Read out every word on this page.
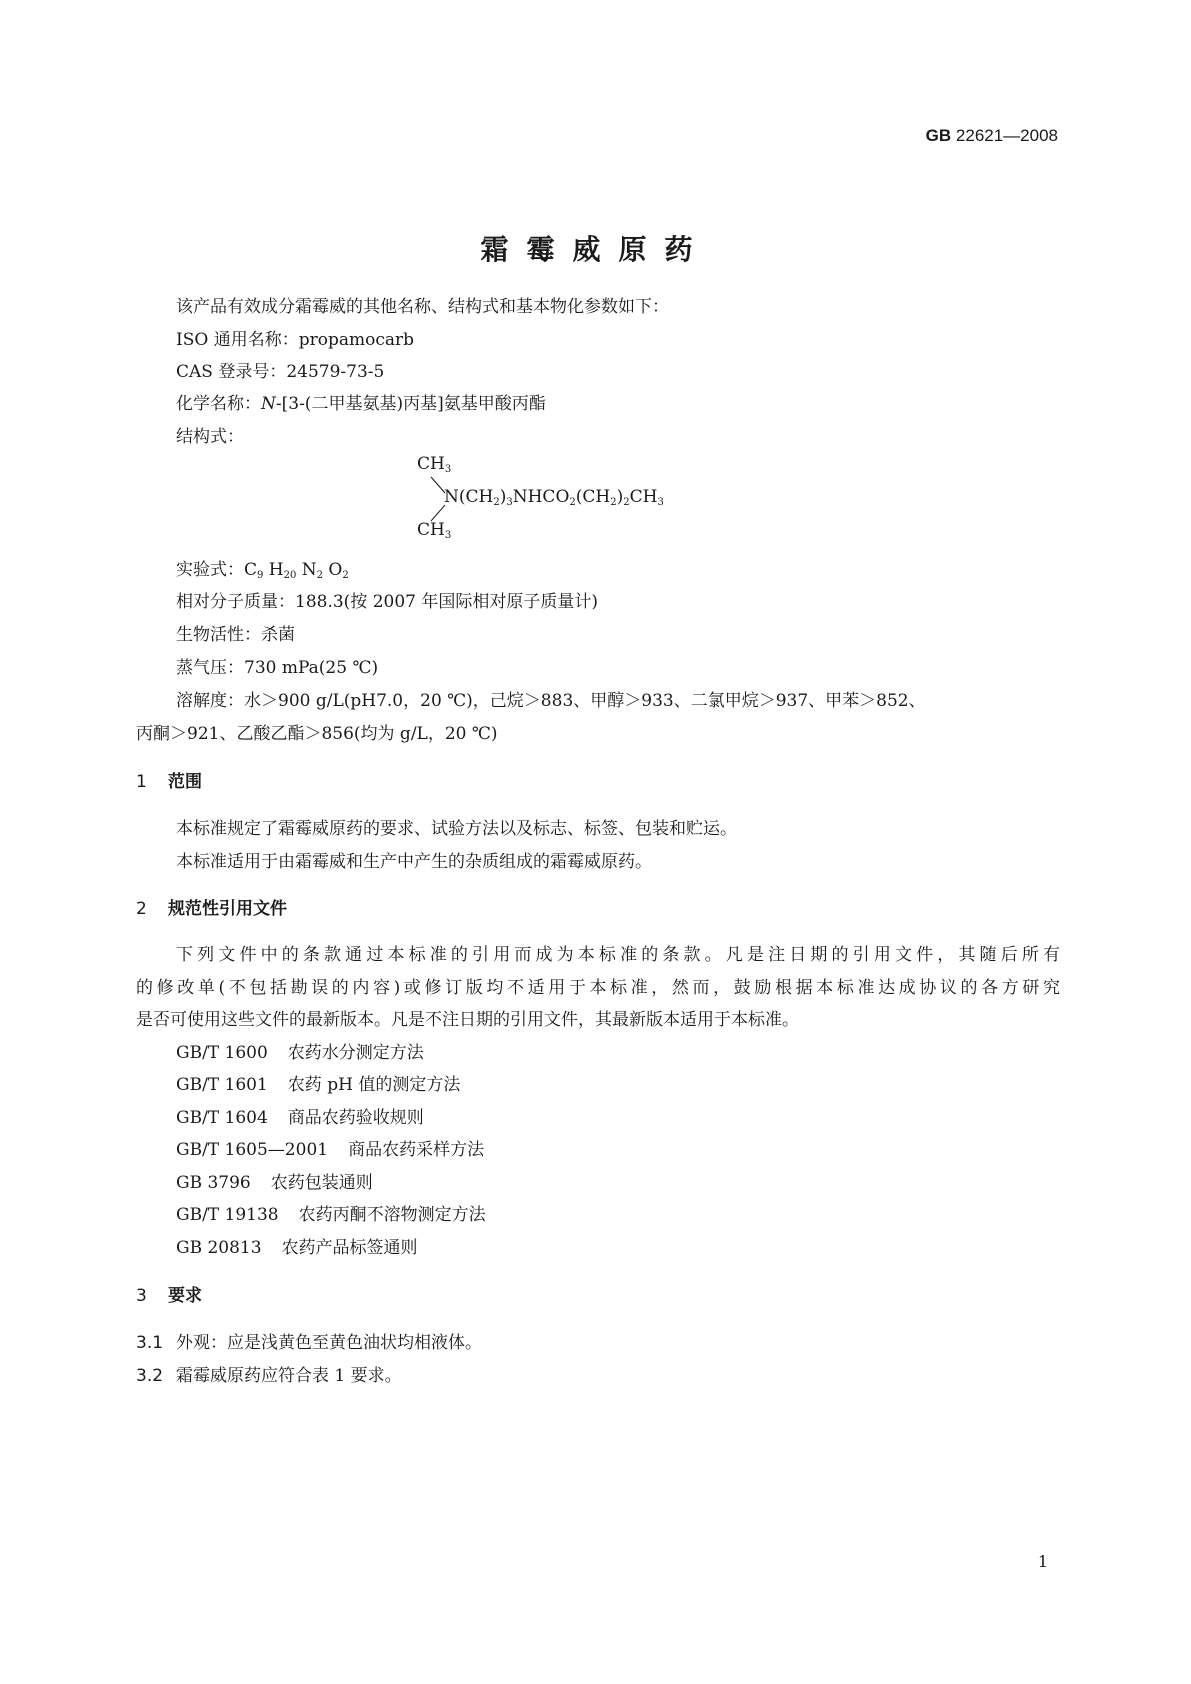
GB 22621—2008
霜霉威原药
该产品有效成分霜霉威的其他名称、结构式和基本物化参数如下：
ISO 通用名称：propamocarb
CAS 登录号：24579-73-5
化学名称：N-[3-(二甲基氨基)丙基]氨基甲酸丙酯
结构式：
$CH_3$
$N(CH_2)_3NHCO_2(CH_2)_2CH_3$
$CH_3$
实验式：$C_9$ $H_{20}$ $N_2$ $O_2$
相对分子质量：188.3(按 2007 年国际相对原子质量计)
生物活性：杀菌
蒸气压：730 mPa(25 ℃)
溶解度：水＞900 g/L(pH7.0，20 ℃)，己烷＞883、甲醇＞933、二氯甲烷＞937、甲苯＞852、
丙酮＞921、乙酸乙酯＞856(均为 g/L，20 ℃)
1 范围
本标准规定了霜霉威原药的要求、试验方法以及标志、标签、包装和贮运。
本标准适用于由霜霉威和生产中产生的杂质组成的霜霉威原药。
2 规范性引用文件
下列文件中的条款通过本标准的引用而成为本标准的条款。凡是注日期的引用文件，其随后所有
的修改单(不包括勘误的内容)或修订版均不适用于本标准，然而，鼓励根据本标准达成协议的各方研究
是否可使用这些文件的最新版本。凡是不注日期的引用文件，其最新版本适用于本标准。
GB/T 1600 农药水分测定方法
GB/T 1601 农药 pH 值的测定方法
GB/T 1604 商品农药验收规则
GB/T 1605—2001 商品农药采样方法
GB 3796 农药包装通则
GB/T 19138 农药丙酮不溶物测定方法
GB 20813 农药产品标签通则
3 要求
3.1 外观：应是浅黄色至黄色油状均相液体。
3.2 霜霉威原药应符合表 1 要求。
1
